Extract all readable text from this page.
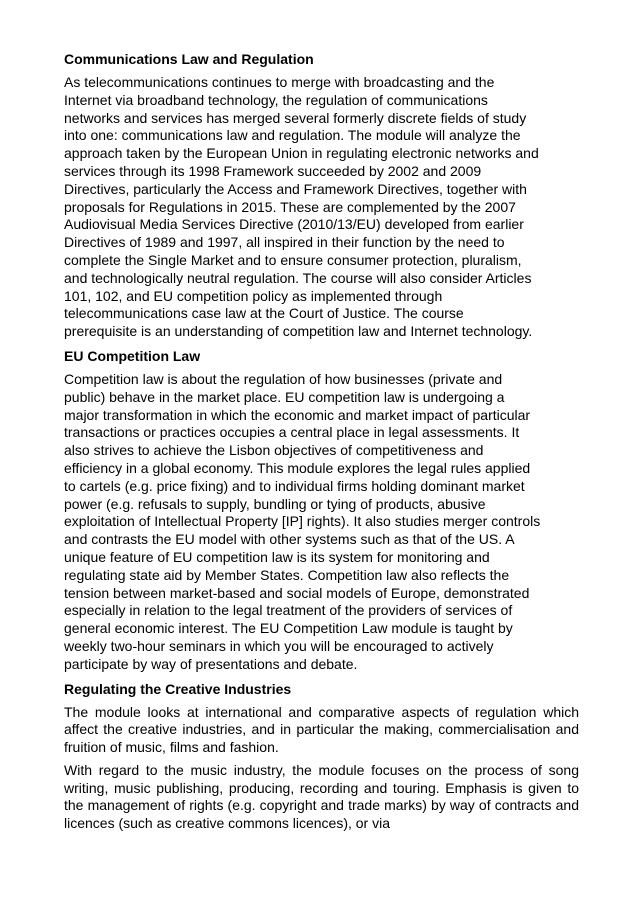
Communications Law and Regulation

As telecommunications continues to merge with broadcasting and the
Internet via broadband technology, the regulation of communications
networks and services has merged several formerly discrete fields of study
into one: communications law and regulation. The module will analyze the
approach taken by the European Union in regulating electronic networks and
services through its 1998 Framework succeeded by 2002 and 2009
Directives, particularly the Access and Framework Directives, together with
proposals for Regulations in 2015. These are complemented by the 2007
Audiovisual Media Services Directive (2010/13/EU) developed from earlier
Directives of 1989 and 1997, all inspired in their function by the need to
complete the Single Market and to ensure consumer protection, pluralism,
and technologically neutral regulation. The course will also consider Articles
101, 102, and EU competition policy as implemented through
telecommunications case law at the Court of Justice. The course
prerequisite is an understanding of competition law and Internet technology.

EU Competition Law

Competition law is about the regulation of how businesses (private and
public) behave in the market place. EU competition law is undergoing a
major transformation in which the economic and market impact of particular
transactions or practices occupies a central place in legal assessments. It
also strives to achieve the Lisbon objectives of competitiveness and
efficiency in a global economy. This module explores the legal rules applied
to cartels (e.g. price fixing) and to individual firms holding dominant market
power (e.g. refusals to supply, bundling or tying of products, abusive
exploitation of Intellectual Property [IP] rights). It also studies merger controls
and contrasts the EU model with other systems such as that of the US. A
unique feature of EU competition law is its system for monitoring and
regulating state aid by Member States. Competition law also reflects the
tension between market-based and social models of Europe, demonstrated
especially in relation to the legal treatment of the providers of services of
general economic interest. The EU Competition Law module is taught by
weekly two-hour seminars in which you will be encouraged to actively
participate by way of presentations and debate.

Regulating the Creative Industries

The module looks at international and comparative aspects of regulation which affect the creative industries, and in particular the making, commercialisation and fruition of music, films and fashion.

With regard to the music industry, the module focuses on the process of song writing, music publishing, producing, recording and touring. Emphasis is given to the management of rights (e.g. copyright and trade marks) by way of contracts and licences (such as creative commons licences), or via
